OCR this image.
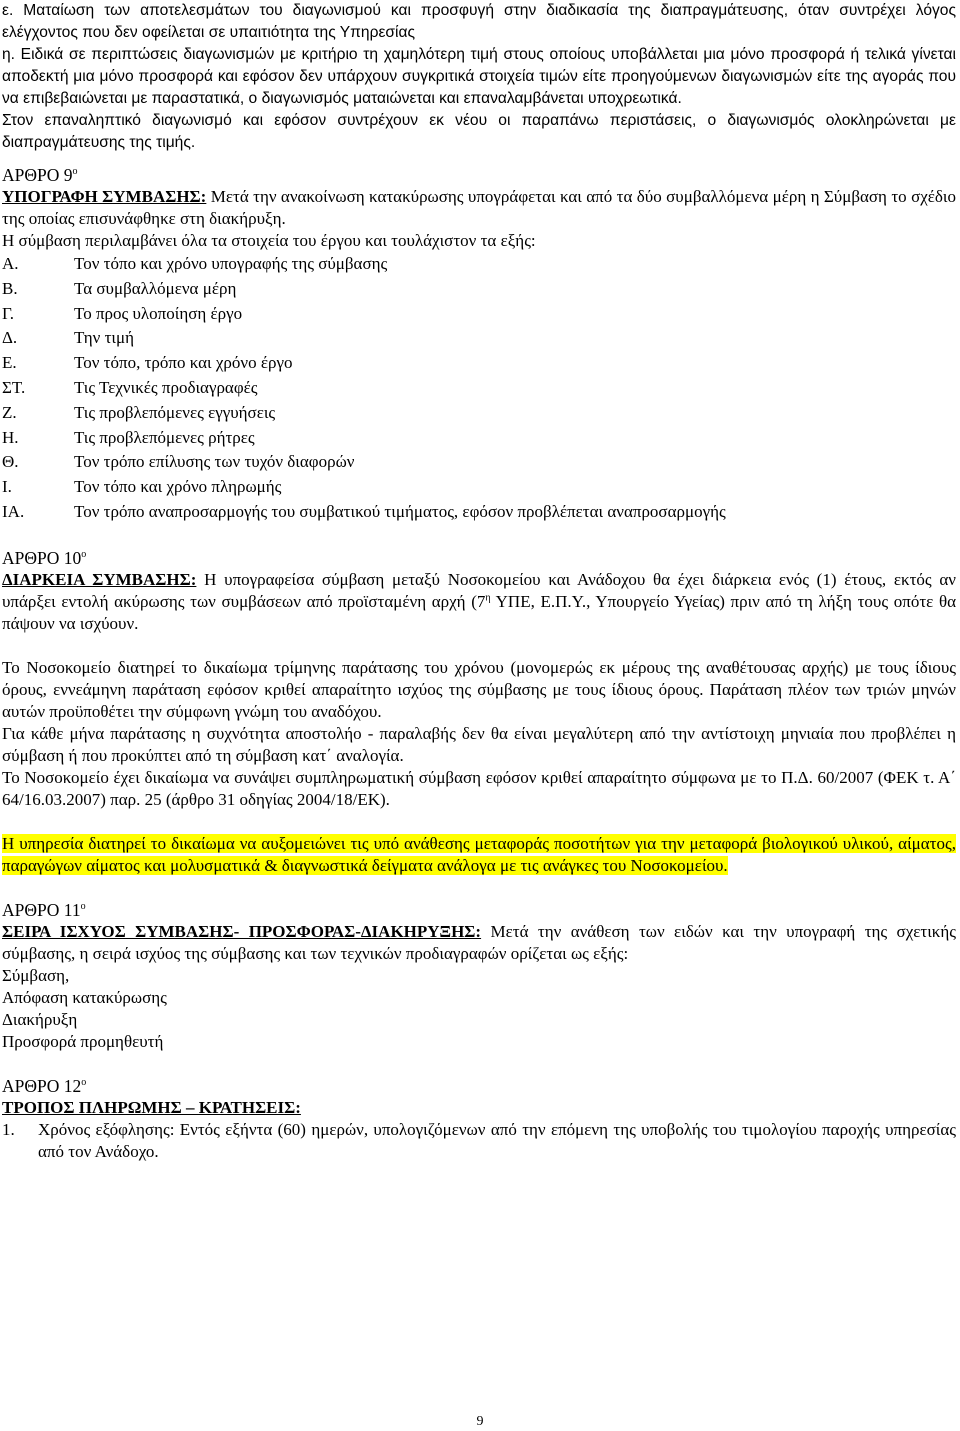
ε. Ματαίωση των αποτελεσμάτων του διαγωνισμού και προσφυγή στην διαδικασία της διαπραγμάτευσης, όταν συντρέχει λόγος ελέγχοντος που δεν οφείλεται σε υπαιτιότητα της Υπηρεσίας

η. Ειδικά σε περιπτώσεις διαγωνισμών με κριτήριο τη χαμηλότερη τιμή στους οποίους υποβάλλεται μια μόνο προσφορά ή τελικά γίνεται αποδεκτή μια μόνο προσφορά και εφόσον δεν υπάρχουν συγκριτικά στοιχεία τιμών είτε προηγούμενων διαγωνισμών είτε της αγοράς που να επιβεβαιώνεται με παραστατικά, ο διαγωνισμός ματαιώνεται και επαναλαμβάνεται υποχρεωτικά.

Στον επαναληπτικό διαγωνισμό και εφόσον συντρέχουν εκ νέου οι παραπάνω περιστάσεις, ο διαγωνισμός ολοκληρώνεται με διαπραγμάτευσης της τιμής.

ΑΡΘΡΟ $9^o$

ΥΠΟΓΡΑΦΗ ΣΥΜΒΑΣΗΣ: Μετά την ανακοίνωση κατακύρωσης υπογράφεται και από τα δύο συμβαλλόμενα μέρη η Σύμβαση το σχέδιο της οποίας επισυνάφθηκε στη διακήρυξη.

Η σύμβαση περιλαμβάνει όλα τα στοιχεία του έργου και τουλάχιστον τα εξής:

Α.	Τον τόπο και χρόνο υπογραφής της σύμβασης
Β.	Τα συμβαλλόμενα μέρη
Γ.	Το προς υλοποίηση έργο
Δ.	Την τιμή
Ε.	Τον τόπο, τρόπο και χρόνο έργο
ΣΤ.	Τις Τεχνικές προδιαγραφές
Ζ.	Τις προβλεπόμενες εγγυήσεις
Η.	Τις προβλεπόμενες ρήτρες
Θ.	Τον τρόπο επίλυσης των τυχόν διαφορών
Ι.	Τον τόπο και χρόνο πληρωμής
ΙΑ.	Τον τρόπο αναπροσαρμογής του συμβατικού τιμήματος, εφόσον προβλέπεται αναπροσαρμογής

ΑΡΘΡΟ $10^o$

ΔΙΑΡΚΕΙΑ ΣΥΜΒΑΣΗΣ: Η υπογραφείσα σύμβαση μεταξύ Νοσοκομείου και Ανάδοχου θα έχει διάρκεια ενός (1) έτους, εκτός αν υπάρξει εντολή ακύρωσης των συμβάσεων από προϊσταμένη αρχή ($7^\eta$ ΥΠΕ, Ε.Π.Υ., Υπουργείο Υγείας) πριν από τη λήξη τους οπότε θα πάψουν να ισχύουν.

Το Νοσοκομείο διατηρεί το δικαίωμα τρίμηνης παράτασης του χρόνου (μονομερώς εκ μέρους της αναθέτουσας αρχής) με τους ίδιους όρους, εννεάμηνη παράταση εφόσον κριθεί απαραίτητο ισχύος της σύμβασης με τους ίδιους όρους. Παράταση πλέον των τριών μηνών αυτών προϋποθέτει την σύμφωνη γνώμη του αναδόχου.

Για κάθε μήνα παράτασης η συχνότητα αποστολήο - παραλαβής δεν θα είναι μεγαλύτερη από την αντίστοιχη μηνιαία που προβλέπει η σύμβαση ή που προκύπτει από τη σύμβαση κατ΄ αναλογία.

Το Νοσοκομείο έχει δικαίωμα να συνάψει συμπληρωματική σύμβαση εφόσον κριθεί απαραίτητο σύμφωνα με το Π.Δ. 60/2007 (ΦΕΚ τ. Α΄ 64/16.03.2007) παρ. 25 (άρθρο 31 οδηγίας 2004/18/ΕΚ).

Η υπηρεσία διατηρεί το δικαίωμα να αυξομειώνει τις υπό ανάθεσης μεταφοράς ποσοτήτων για την μεταφορά βιολογικού υλικού, αίματος, παραγώγων αίματος και μολυσματικά & διαγνωστικά δείγματα ανάλογα με τις ανάγκες του Νοσοκομείου.

ΑΡΘΡΟ $11^o$

ΣΕΙΡΑ ΙΣΧΥΟΣ ΣΥΜΒΑΣΗΣ- ΠΡΟΣΦΟΡΑΣ-ΔΙΑΚΗΡΥΞΗΣ: Μετά την ανάθεση των ειδών και την υπογραφή της σχετικής σύμβασης, η σειρά ισχύος της σύμβασης και των τεχνικών προδιαγραφών ορίζεται ως εξής:

Σύμβαση,

Απόφαση κατακύρωσης

Διακήρυξη

Προσφορά προμηθευτή

ΑΡΘΡΟ $12^o$

ΤΡΟΠΟΣ ΠΛΗΡΩΜΗΣ – ΚΡΑΤΗΣΕΙΣ:

1.	Χρόνος εξόφλησης: Εντός εξήντα (60) ημερών, υπολογιζόμενων από την επόμενη της υποβολής του τιμολογίου παροχής υπηρεσίας από τον Ανάδοχο.
9
